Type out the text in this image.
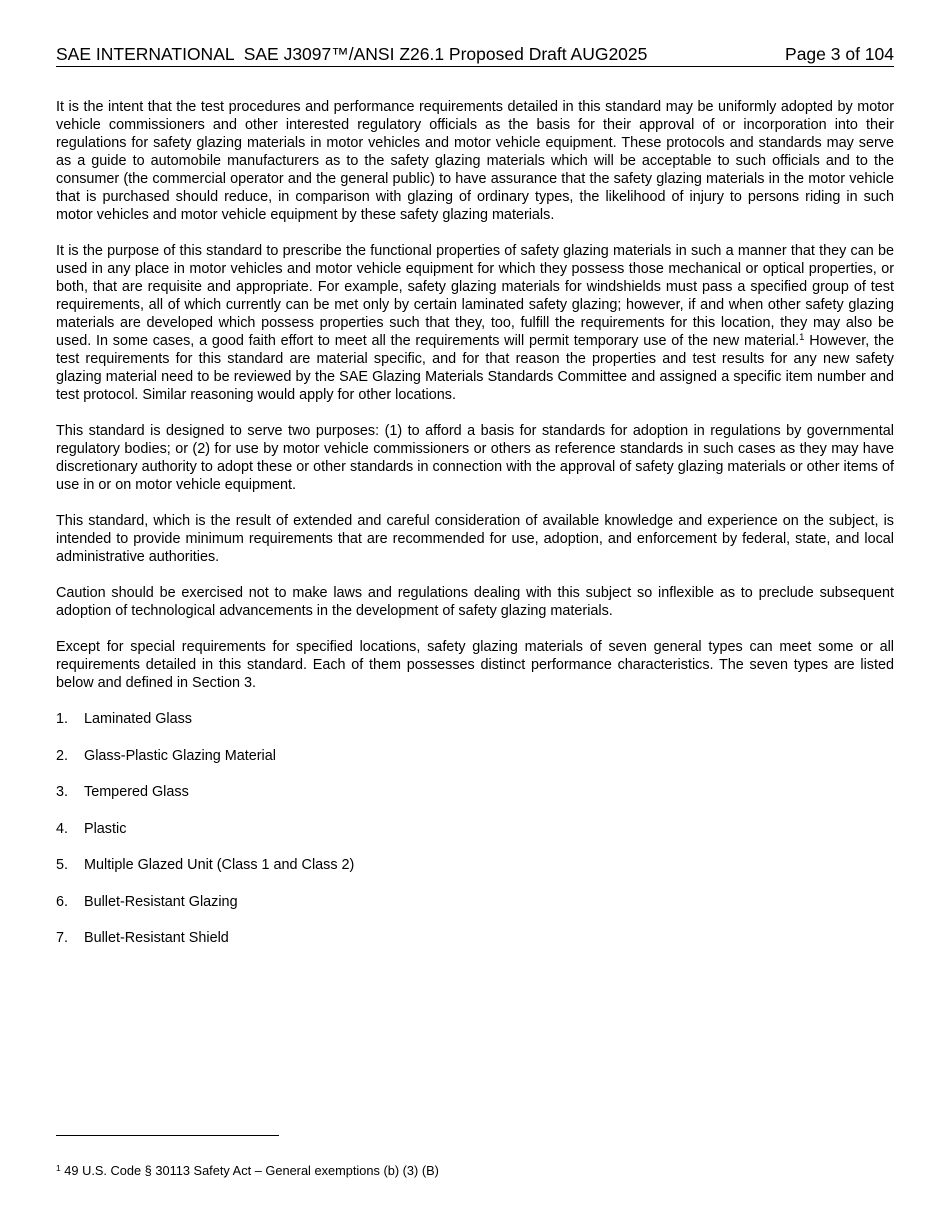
SAE INTERNATIONAL SAE J3097™/ANSI Z26.1 Proposed Draft AUG2025	Page 3 of 104

It is the intent that the test procedures and performance requirements detailed in this standard may be uniformly adopted by motor vehicle commissioners and other interested regulatory officials as the basis for their approval of or incorporation into their regulations for safety glazing materials in motor vehicles and motor vehicle equipment. These protocols and standards may serve as a guide to automobile manufacturers as to the safety glazing materials which will be acceptable to such officials and to the consumer (the commercial operator and the general public) to have assurance that the safety glazing materials in the motor vehicle that is purchased should reduce, in comparison with glazing of ordinary types, the likelihood of injury to persons riding in such motor vehicles and motor vehicle equipment by these safety glazing materials.

It is the purpose of this standard to prescribe the functional properties of safety glazing materials in such a manner that they can be used in any place in motor vehicles and motor vehicle equipment for which they possess those mechanical or optical properties, or both, that are requisite and appropriate. For example, safety glazing materials for windshields must pass a specified group of test requirements, all of which currently can be met only by certain laminated safety glazing; however, if and when other safety glazing materials are developed which possess properties such that they, too, fulfill the requirements for this location, they may also be used. In some cases, a good faith effort to meet all the requirements will permit temporary use of the new material.$^1$ However, the test requirements for this standard are material specific, and for that reason the properties and test results for any new safety glazing material need to be reviewed by the SAE Glazing Materials Standards Committee and assigned a specific item number and test protocol. Similar reasoning would apply for other locations.

This standard is designed to serve two purposes: (1) to afford a basis for standards for adoption in regulations by governmental regulatory bodies; or (2) for use by motor vehicle commissioners or others as reference standards in such cases as they may have discretionary authority to adopt these or other standards in connection with the approval of safety glazing materials or other items of use in or on motor vehicle equipment.

This standard, which is the result of extended and careful consideration of available knowledge and experience on the subject, is intended to provide minimum requirements that are recommended for use, adoption, and enforcement by federal, state, and local administrative authorities.

Caution should be exercised not to make laws and regulations dealing with this subject so inflexible as to preclude subsequent adoption of technological advancements in the development of safety glazing materials.

Except for special requirements for specified locations, safety glazing materials of seven general types can meet some or all requirements detailed in this standard. Each of them possesses distinct performance characteristics. The seven types are listed below and defined in Section 3.

1. Laminated Glass
2. Glass-Plastic Glazing Material
3. Tempered Glass
4. Plastic
5. Multiple Glazed Unit (Class 1 and Class 2)
6. Bullet-Resistant Glazing
7. Bullet-Resistant Shield
$^1$ 49 U.S. Code § 30113 Safety Act – General exemptions (b) (3) (B)
